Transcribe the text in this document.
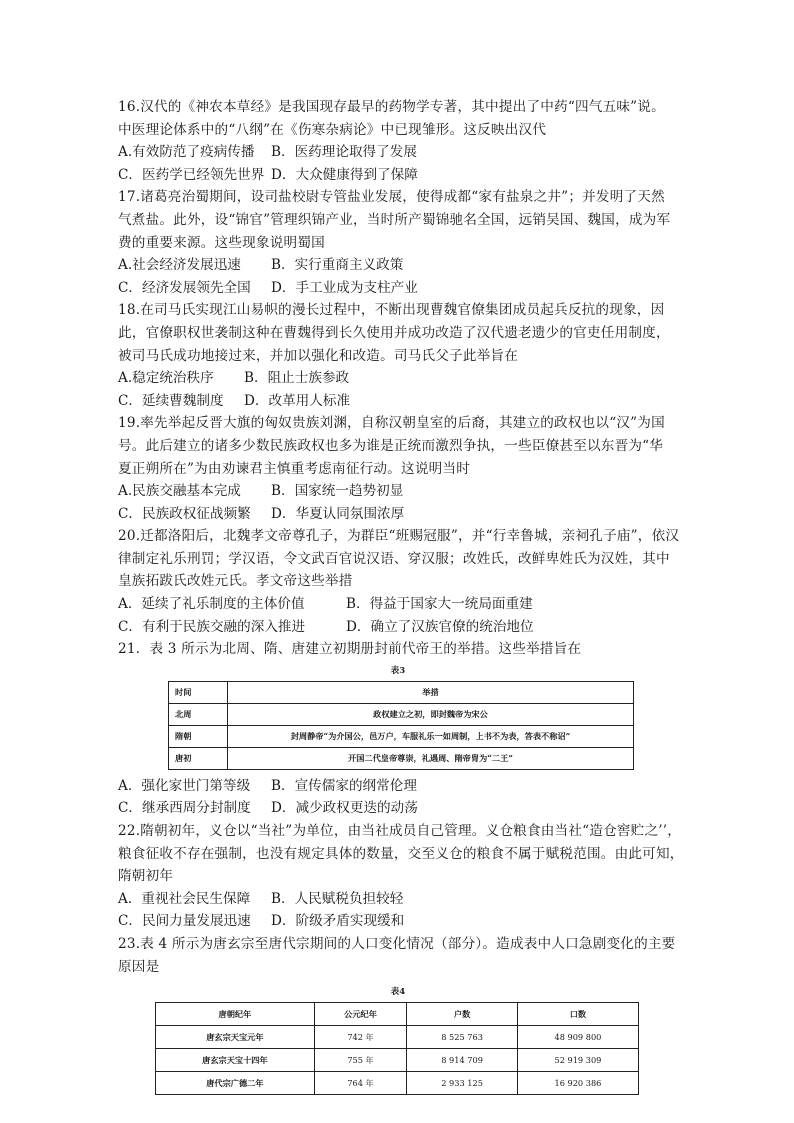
16.汉代的《神农本草经》是我国现存最早的药物学专著，其中提出了中药“四气五味”说。
中医理论体系中的“八纲”在《伤寒杂病论》中已现雏形。这反映出汉代
A.有效防范了疫病传播 B．医药理论取得了发展
C．医药学已经领先世界 D．大众健康得到了保障
17.诸葛亮治蜀期间，设司盐校尉专管盐业发展，使得成都“家有盐泉之井”；并发明了天然
气煮盐。此外，设“锦官”管理织锦产业，当时所产蜀锦驰名全国，远销吴国、魏国，成为军
费的重要来源。这些现象说明蜀国
A.社会经济发展迅速 B．实行重商主义政策
C．经济发展领先全国 D．手工业成为支柱产业
18.在司马氏实现江山易帜的漫长过程中，不断出现曹魏官僚集团成员起兵反抗的现象，因
此，官僚职权世袭制这种在曹魏得到长久使用并成功改造了汉代遗老遗少的官吏任用制度，
被司马氏成功地接过来，并加以强化和改造。司马氏父子此举旨在
A.稳定统治秩序 B．阻止士族参政
C．延续曹魏制度 D．改革用人标准
19.率先举起反晋大旗的匈奴贵族刘渊，自称汉朝皇室的后裔，其建立的政权也以“汉”为国
号。此后建立的诸多少数民族政权也多为谁是正统而激烈争执，一些臣僚甚至以东晋为“华
夏正朔所在”为由劝谏君主慎重考虑南征行动。这说明当时
A.民族交融基本完成 B．国家统一趋势初显
C．民族政权征战频繁 D．华夏认同氛围浓厚
20.迁都洛阳后，北魏孝文帝尊孔子，为群臣“班赐冠服”，并“行幸鲁城，亲祠孔子庙”，依汉
律制定礼乐刑罚；学汉语，令文武百官说汉语、穿汉服；改姓氏，改鲜卑姓氏为汉姓，其中
皇族拓跋氏改姓元氏。孝文帝这些举措
A．延续了礼乐制度的主体价值	B．得益于国家大一统局面重建
C．有利于民族交融的深入推进	D．确立了汉族官僚的统治地位
21．表 3 所示为北周、隋、唐建立初期册封前代帝王的举措。这些举措旨在
表3
时间	举措
北周	政权建立之初，即封魏帝为宋公
隋朝	封周静帝“为介国公，邑万户，车服礼乐一如周制，上书不为表，答表不称诏”
唐初	开国二代皇帝尊崇，礼遇周、隋帝胄为“二王”
A．强化家世门第等级 B．宣传儒家的纲常伦理
C．继承西周分封制度 D．减少政权更迭的动荡
22.隋朝初年，义仓以“当社”为单位，由当社成员自己管理。义仓粮食由当社“造仓窖贮之’’，
粮食征收不存在强制，也没有规定具体的数量，交至义仓的粮食不属于赋税范围。由此可知，
隋朝初年
A．重视社会民生保障 B．人民赋税负担较轻
C．民间力量发展迅速 D．阶级矛盾实现缓和
23.表 4 所示为唐玄宗至唐代宗期间的人口变化情况（部分）。造成表中人口急剧变化的主要
原因是
表4
唐朝纪年	公元纪年	户数	口数
唐玄宗天宝元年	742 年	8 525 763	48 909 800
唐玄宗天宝十四年	755 年	8 914 709	52 919 309
唐代宗广德二年	764 年	2 933 125	16 920 386
